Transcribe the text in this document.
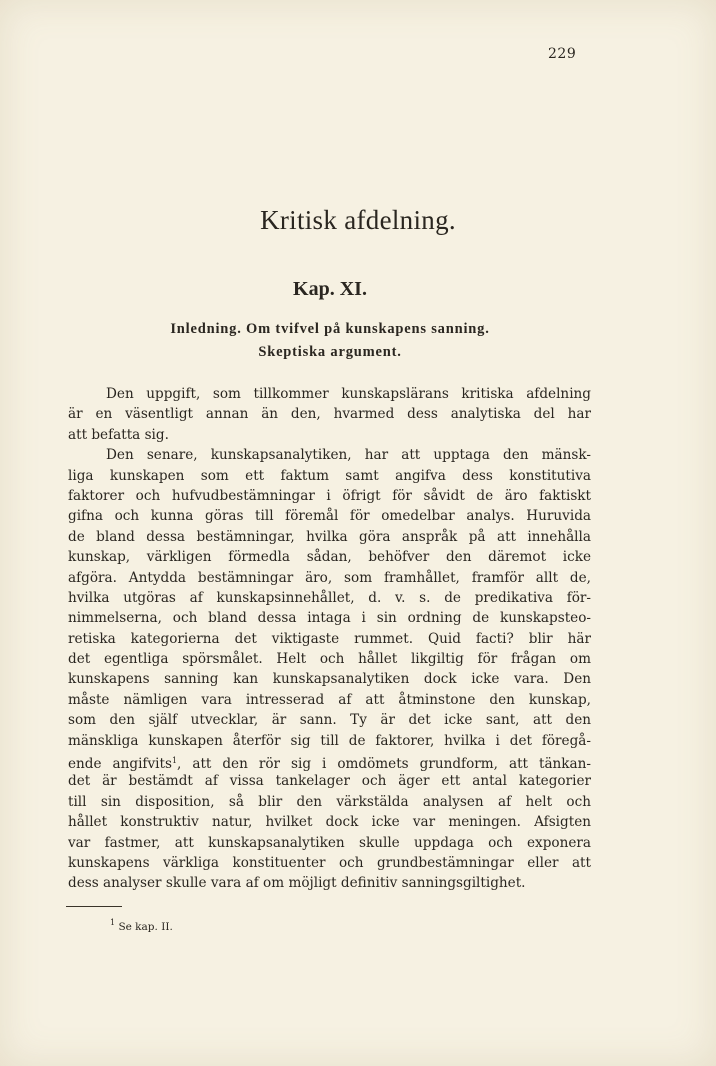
229
Kritisk afdelning.
Kap. XI.
Inledning. Om tvifvel på kunskapens sanning.
Skeptiska argument.
Den uppgift, som tillkommer kunskapslärans kritiska afdelning
är en väsentligt annan än den, hvarmed dess analytiska del har
att befatta sig.
Den senare, kunskapsanalytiken, har att upptaga den mänsk-
liga kunskapen som ett faktum samt angifva dess konstitutiva
faktorer och hufvudbestämningar i öfrigt för såvidt de äro faktiskt
gifna och kunna göras till föremål för omedelbar analys. Huruvida
de bland dessa bestämningar, hvilka göra anspråk på att innehålla
kunskap, värkligen förmedla sådan, behöfver den däremot icke
afgöra. Antydda bestämningar äro, som framhållet, framför allt de,
hvilka utgöras af kunskapsinnehållet, d. v. s. de predikativa för-
nimmelserna, och bland dessa intaga i sin ordning de kunskapsteo-
retiska kategorierna det viktigaste rummet. Quid facti? blir här
det egentliga spörsmålet. Helt och hållet likgiltig för frågan om
kunskapens sanning kan kunskapsanalytiken dock icke vara. Den
måste nämligen vara intresserad af att åtminstone den kunskap,
som den själf utvecklar, är sann. Ty är det icke sant, att den
mänskliga kunskapen återför sig till de faktorer, hvilka i det föregå-
ende angifvits$^1$, att den rör sig i omdömets grundform, att tänkan-
det är bestämdt af vissa tankelager och äger ett antal kategorier
till sin disposition, så blir den värkstälda analysen af helt och
hållet konstruktiv natur, hvilket dock icke var meningen. Afsigten
var fastmer, att kunskapsanalytiken skulle uppdaga och exponera
kunskapens värkliga konstituenter och grundbestämningar eller att
dess analyser skulle vara af om möjligt definitiv sanningsgiltighet.
$^1$ Se kap. II.
